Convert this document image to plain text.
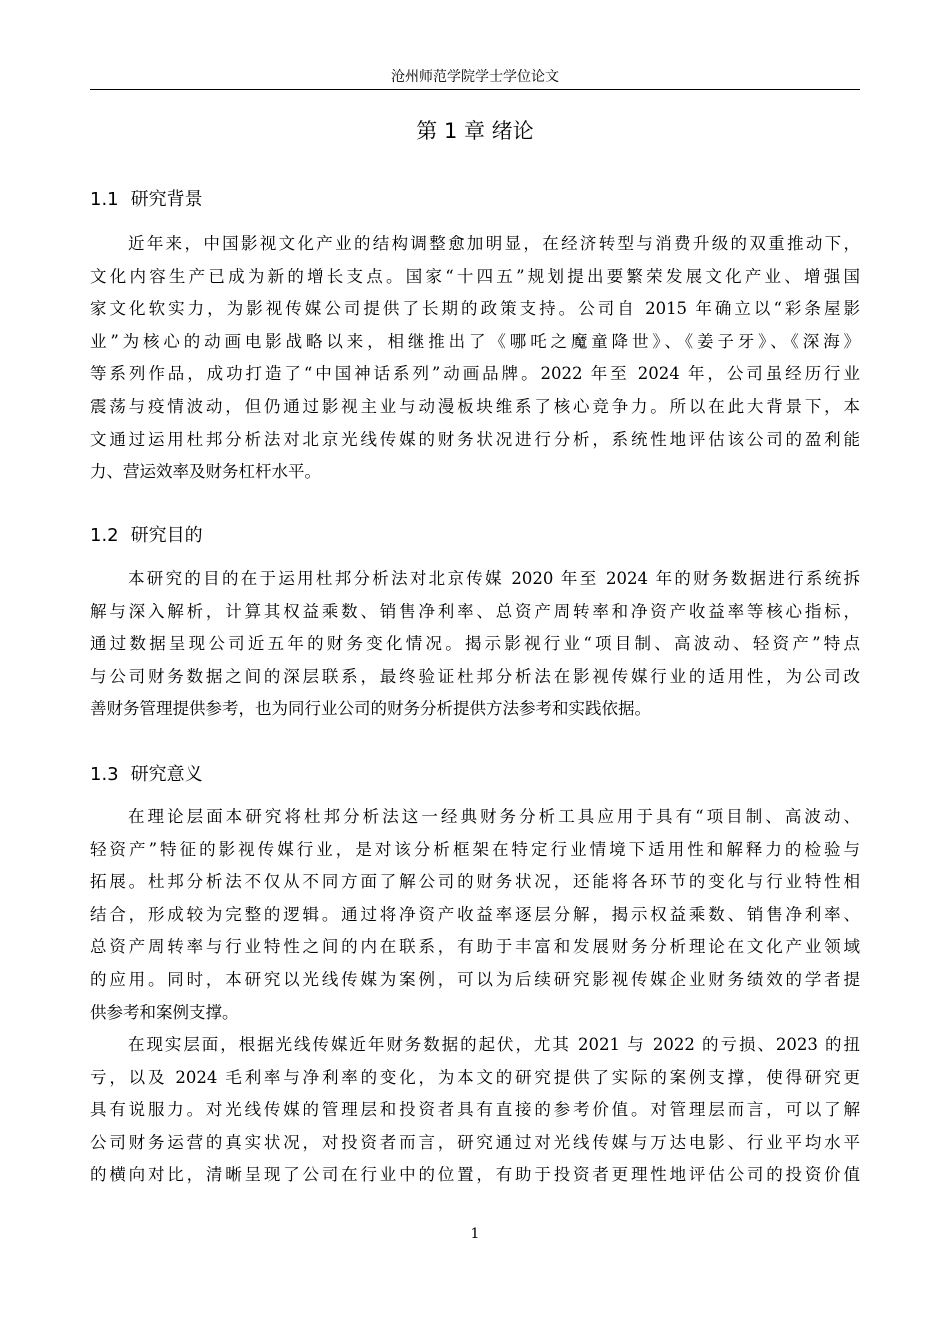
沧州师范学院学士学位论文
第 1 章 绪论
1.1 研究背景
近年来，中国影视文化产业的结构调整愈加明显，在经济转型与消费升级的双重推动下，
文化内容生产已成为新的增长支点。国家“十四五”规划提出要繁荣发展文化产业、增强国
家文化软实力，为影视传媒公司提供了长期的政策支持。公司自 2015 年确立以“彩条屋影
业”为核心的动画电影战略以来，相继推出了《哪吒之魔童降世》、《姜子牙》、《深海》
等系列作品，成功打造了“中国神话系列”动画品牌。2022 年至 2024 年，公司虽经历行业
震荡与疫情波动，但仍通过影视主业与动漫板块维系了核心竞争力。所以在此大背景下，本
文通过运用杜邦分析法对北京光线传媒的财务状况进行分析，系统性地评估该公司的盈利能
力、营运效率及财务杠杆水平。
1.2 研究目的
本研究的目的在于运用杜邦分析法对北京传媒 2020 年至 2024 年的财务数据进行系统拆
解与深入解析，计算其权益乘数、销售净利率、总资产周转率和净资产收益率等核心指标，
通过数据呈现公司近五年的财务变化情况。揭示影视行业“项目制、高波动、轻资产”特点
与公司财务数据之间的深层联系，最终验证杜邦分析法在影视传媒行业的适用性，为公司改
善财务管理提供参考，也为同行业公司的财务分析提供方法参考和实践依据。
1.3 研究意义
在理论层面本研究将杜邦分析法这一经典财务分析工具应用于具有“项目制、高波动、
轻资产”特征的影视传媒行业，是对该分析框架在特定行业情境下适用性和解释力的检验与
拓展。杜邦分析法不仅从不同方面了解公司的财务状况，还能将各环节的变化与行业特性相
结合，形成较为完整的逻辑。通过将净资产收益率逐层分解，揭示权益乘数、销售净利率、
总资产周转率与行业特性之间的内在联系，有助于丰富和发展财务分析理论在文化产业领域
的应用。同时，本研究以光线传媒为案例，可以为后续研究影视传媒企业财务绩效的学者提
供参考和案例支撑。
在现实层面，根据光线传媒近年财务数据的起伏，尤其 2021 与 2022 的亏损、2023 的扭
亏，以及 2024 毛利率与净利率的变化，为本文的研究提供了实际的案例支撑，使得研究更
具有说服力。对光线传媒的管理层和投资者具有直接的参考价值。对管理层而言，可以了解
公司财务运营的真实状况，对投资者而言，研究通过对光线传媒与万达电影、行业平均水平
的横向对比，清晰呈现了公司在行业中的位置，有助于投资者更理性地评估公司的投资价值
1
